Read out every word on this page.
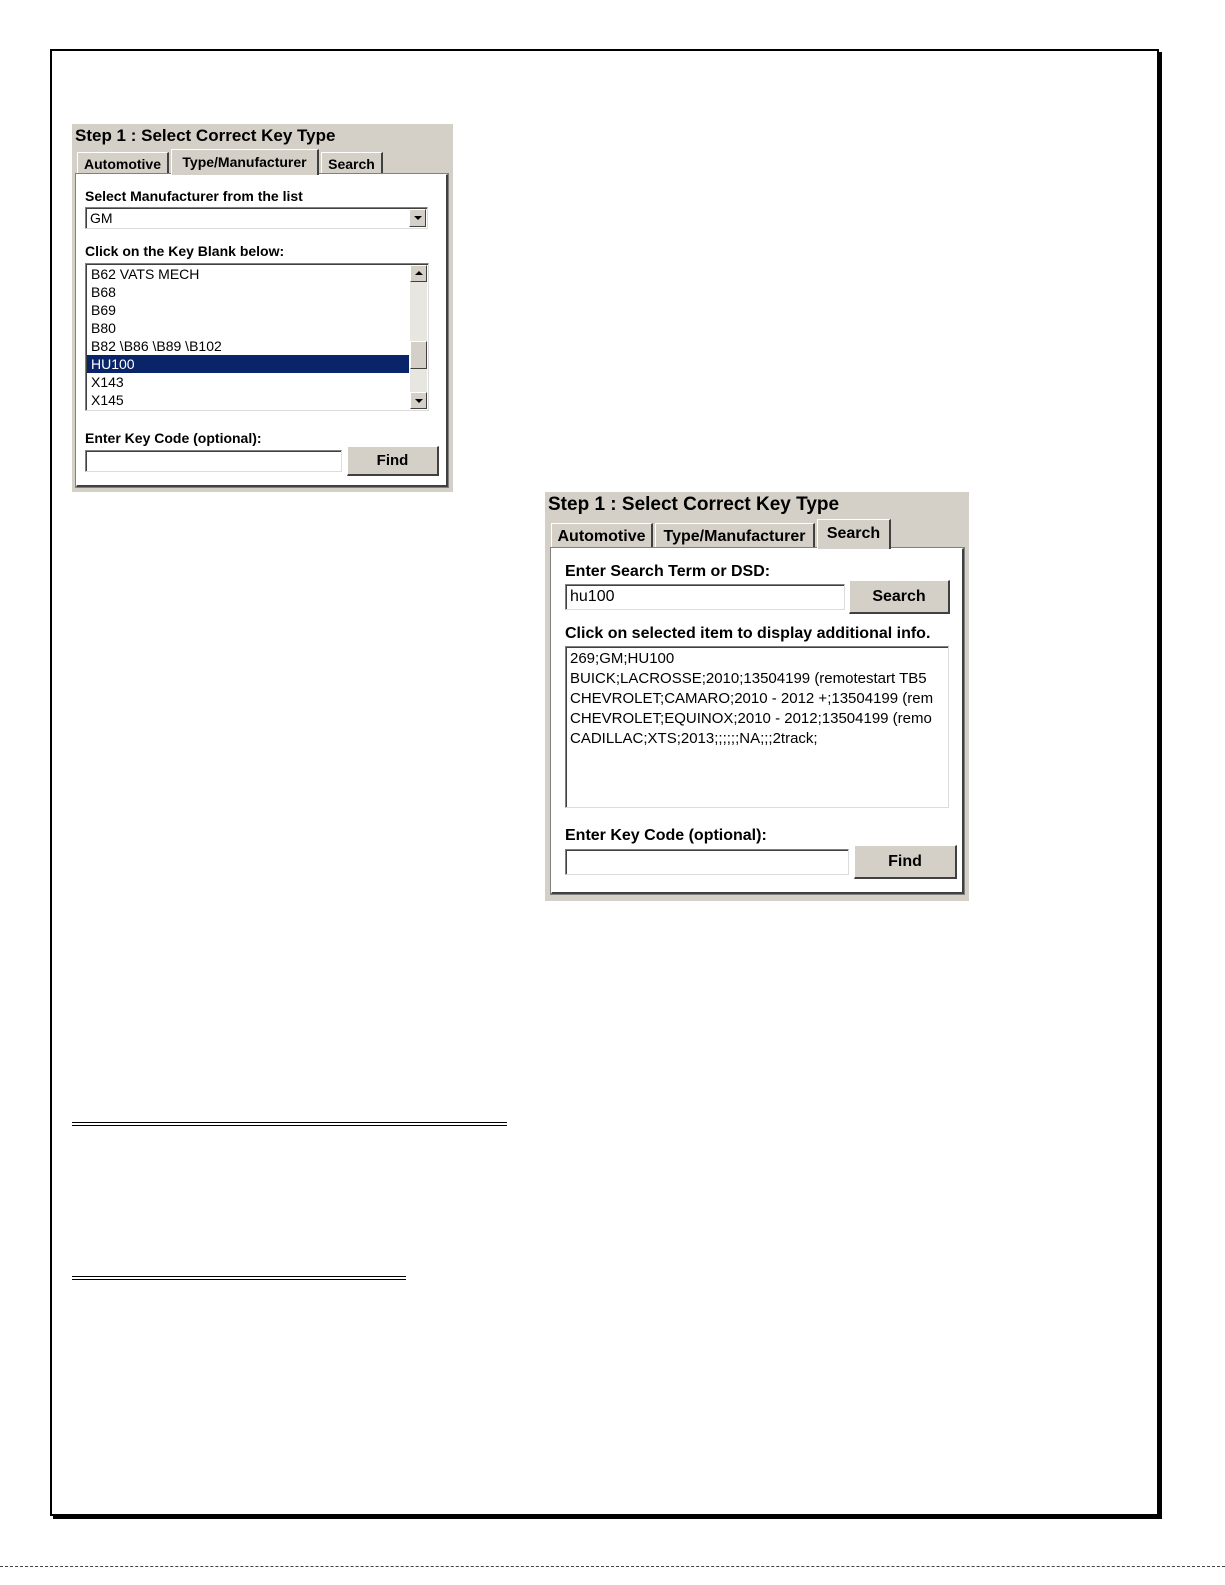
Step 1 : Select Correct Key Type
Automotive	Type/Manufacturer	Search
Select Manufacturer from the list
GM
Click on the Key Blank below:
B62 VATS MECH
B68
B69
B80
B82 \B86 \B89 \B102
HU100
X143
X145
Enter Key Code (optional):
Find
Step 1 : Select Correct Key Type
Automotive	Type/Manufacturer	Search
Enter Search Term or DSD:
hu100	Search
Click on selected item to display additional info.
269;GM;HU100
BUICK;LACROSSE;2010;13504199 (remotestart TB5
CHEVROLET;CAMARO;2010 - 2012 +;13504199 (rem
CHEVROLET;EQUINOX;2010 - 2012;13504199 (remo
CADILLAC;XTS;2013;;;;;;NA;;;2track;
Enter Key Code (optional):
Find
